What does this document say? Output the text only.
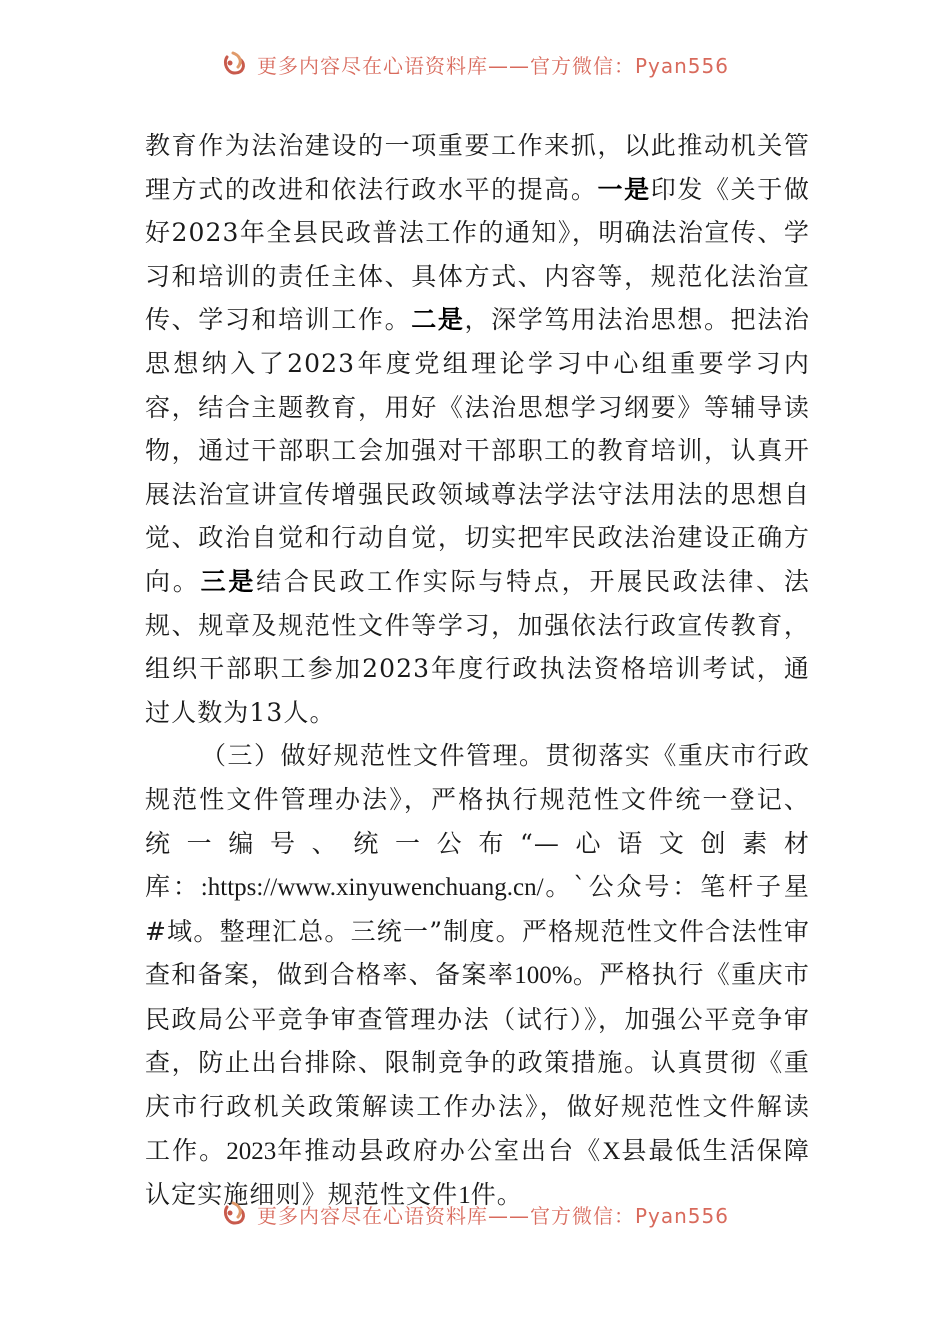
更多内容尽在心语资料库——官方微信：Pyan556

教育作为法治建设的一项重要工作来抓，以此推动机关管理方式的改进和依法行政水平的提高。一是印发《关于做好2023年全县民政普法工作的通知》，明确法治宣传、学习和培训的责任主体、具体方式、内容等，规范化法治宣传、学习和培训工作。二是，深学笃用法治思想。把法治思想纳入了2023年度党组理论学习中心组重要学习内容，结合主题教育，用好《法治思想学习纲要》等辅导读物，通过干部职工会加强对干部职工的教育培训，认真开展法治宣讲宣传增强民政领域尊法学法守法用法的思想自觉、政治自觉和行动自觉，切实把牢民政法治建设正确方向。三是结合民政工作实际与特点，开展民政法律、法规、规章及规范性文件等学习，加强依法行政宣传教育，组织干部职工参加2023年度行政执法资格培训考试，通过人数为13人。

（三）做好规范性文件管理。贯彻落实《重庆市行政规范性文件管理办法》，严格执行规范性文件统一登记、统一编号、统一公布“—心语文创素材库：:https://www.xinyuwenchuang.cn/。`公众号：笔杆子星#域。整理汇总。三统一”制度。严格规范性文件合法性审查和备案，做到合格率、备案率100%。严格执行《重庆市民政局公平竞争审查管理办法（试行）》，加强公平竞争审查，防止出台排除、限制竞争的政策措施。认真贯彻《重庆市行政机关政策解读工作办法》，做好规范性文件解读工作。2023年推动县政府办公室出台《X县最低生活保障认定实施细则》规范性文件1件。

更多内容尽在心语资料库——官方微信：Pyan556
